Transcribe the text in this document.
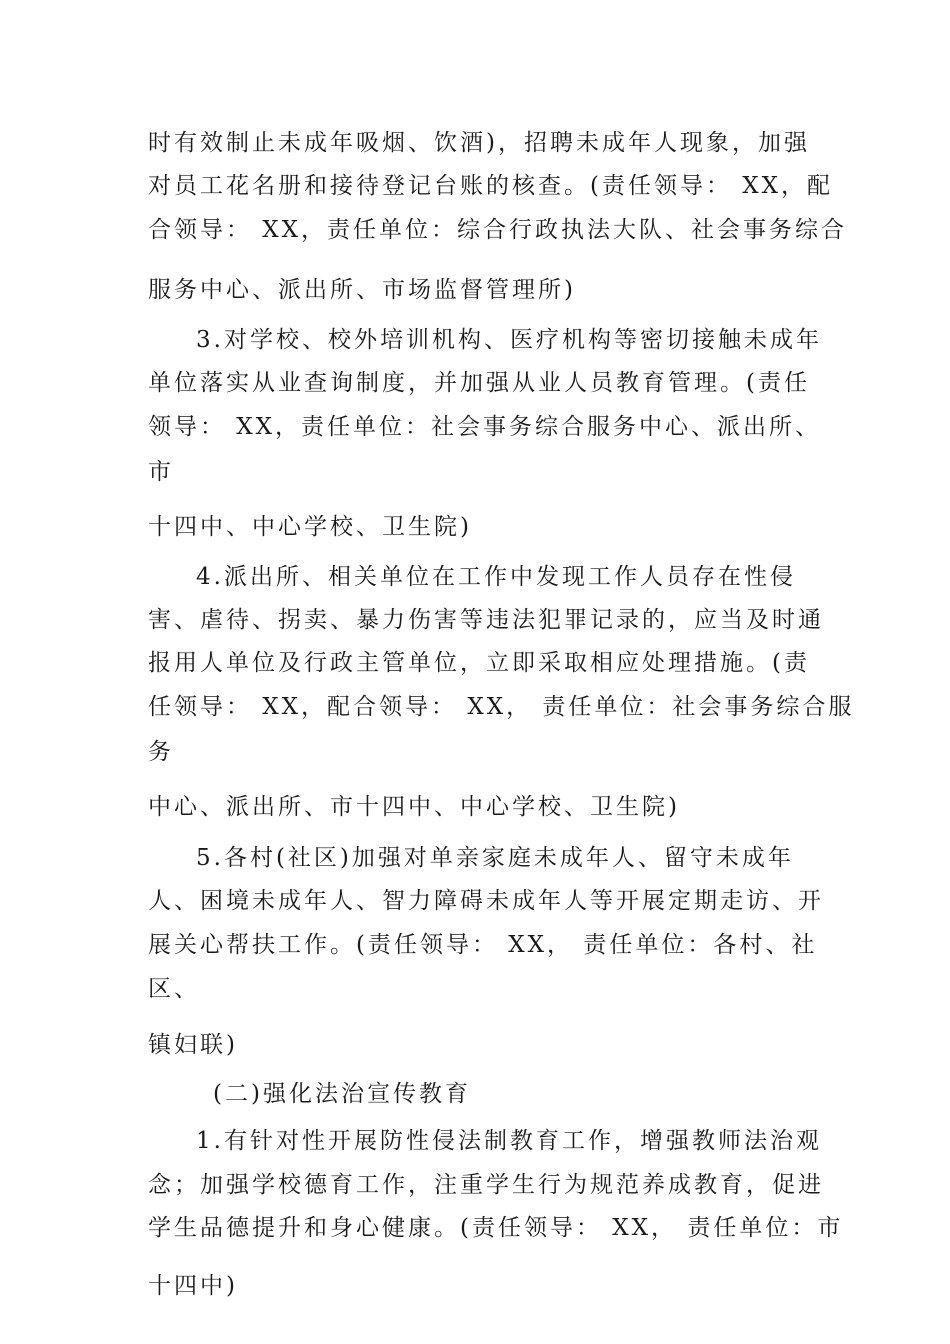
时有效制止未成年吸烟、饮酒)，招聘未成年人现象，加强
对员工花名册和接待登记台账的核查。(责任领导： XX，配
合领导： XX，责任单位：综合行政执法大队、社会事务综合
服务中心、派出所、市场监督管理所)
3.对学校、校外培训机构、医疗机构等密切接触未成年
单位落实从业查询制度，并加强从业人员教育管理。(责任
领导： XX，责任单位：社会事务综合服务中心、派出所、
市
十四中、中心学校、卫生院)
4.派出所、相关单位在工作中发现工作人员存在性侵
害、虐待、拐卖、暴力伤害等违法犯罪记录的，应当及时通
报用人单位及行政主管单位，立即采取相应处理措施。(责
任领导： XX，配合领导： XX， 责任单位：社会事务综合服
务
中心、派出所、市十四中、中心学校、卫生院)
5.各村(社区)加强对单亲家庭未成年人、留守未成年
人、困境未成年人、智力障碍未成年人等开展定期走访、开
展关心帮扶工作。(责任领导： XX， 责任单位：各村、社
区、
镇妇联)
(二)强化法治宣传教育
1.有针对性开展防性侵法制教育工作，增强教师法治观
念；加强学校德育工作，注重学生行为规范养成教育，促进
学生品德提升和身心健康。(责任领导： XX， 责任单位：市
十四中)
